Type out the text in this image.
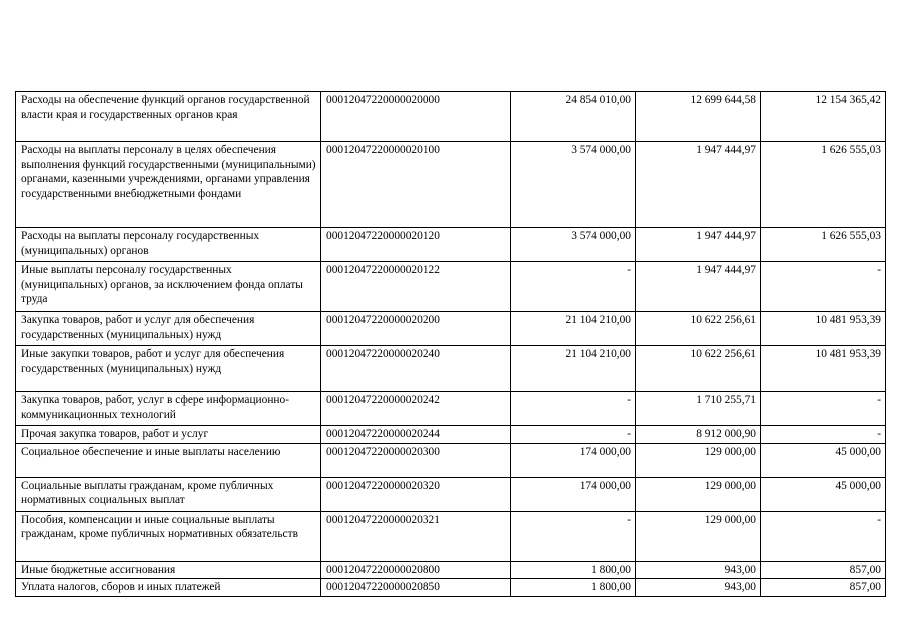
Расходы на обеспечение функций органов государственной власти края и государственных органов края	00012047220000020000	24 854 010,00	12 699 644,58	12 154 365,42
Расходы на выплаты персоналу в целях обеспечения выполнения функций государственными (муниципальными) органами, казенными учреждениями, органами управления государственными внебюджетными фондами	00012047220000020100	3 574 000,00	1 947 444,97	1 626 555,03
Расходы на выплаты персоналу государственных (муниципальных) органов	00012047220000020120	3 574 000,00	1 947 444,97	1 626 555,03
Иные выплаты персоналу государственных (муниципальных) органов, за исключением фонда оплаты труда	00012047220000020122	-	1 947 444,97	-
Закупка товаров, работ и услуг для обеспечения государственных (муниципальных) нужд	00012047220000020200	21 104 210,00	10 622 256,61	10 481 953,39
Иные закупки товаров, работ и услуг для обеспечения государственных (муниципальных) нужд	00012047220000020240	21 104 210,00	10 622 256,61	10 481 953,39
Закупка товаров, работ, услуг в сфере информационно-коммуникационных технологий	00012047220000020242	-	1 710 255,71	-
Прочая закупка товаров, работ и услуг	00012047220000020244	-	8 912 000,90	-
Социальное обеспечение и иные выплаты населению	00012047220000020300	174 000,00	129 000,00	45 000,00
Социальные выплаты гражданам, кроме публичных нормативных социальных выплат	00012047220000020320	174 000,00	129 000,00	45 000,00
Пособия, компенсации и иные социальные выплаты гражданам, кроме публичных нормативных обязательств	00012047220000020321	-	129 000,00	-
Иные бюджетные ассигнования	00012047220000020800	1 800,00	943,00	857,00
Уплата налогов, сборов и иных платежей	00012047220000020850	1 800,00	943,00	857,00
